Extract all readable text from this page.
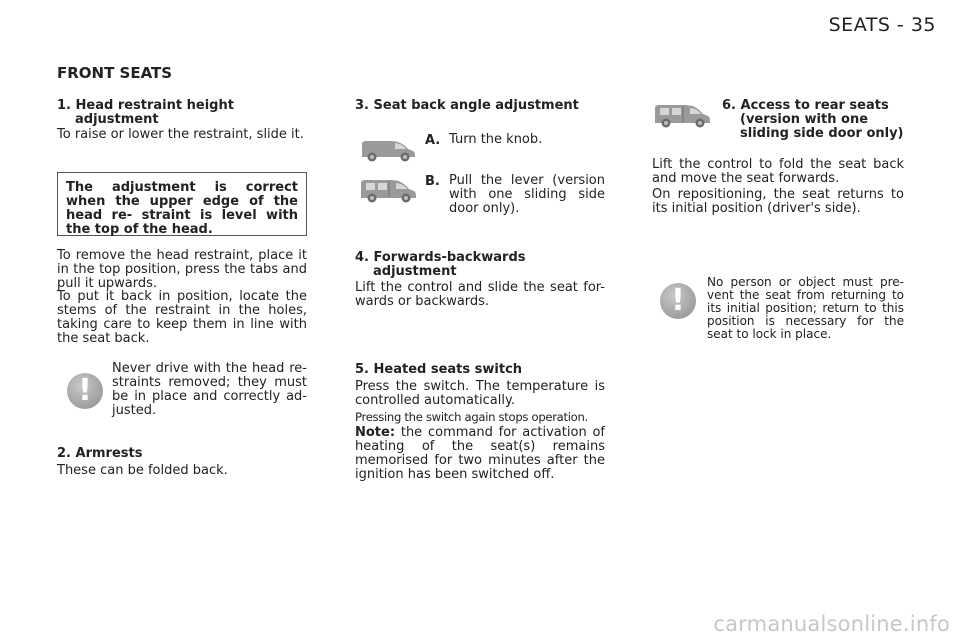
SEATS - 35
FRONT SEATS
1. Head restraint height
adjustment
To raise or lower the restraint, slide it.
The adjustment is correct when the upper edge of the head re- straint is level with the top of the head.
To remove the head restraint, place it in the top position, press the tabs and pull it upwards.
To put it back in position, locate the stems of the restraint in the holes, taking care to keep them in line with the seat back.
!
Never drive with the head re- straints removed; they must be in place and correctly ad- justed.
2. Armrests
These can be folded back.
3. Seat back angle adjustment
A. Turn the knob.
B. Pull the lever (version
with one sliding side
door only).
4. Forwards-backwards
adjustment
Lift the control and slide the seat for- wards or backwards.
5. Heated seats switch
Press the switch. The temperature is controlled automatically.
Pressing the switch again stops operation.
Note: the command for activation of heating of the seat(s) remains memorised for two minutes after the ignition has been switched off.
6. Access to rear seats
(version with one
sliding side door only)
Lift the control to fold the seat back and move the seat forwards.
On repositioning, the seat returns to its initial position (driver's side).
!
No person or object must pre- vent the seat from returning to its initial position; return to this position is necessary for the seat to lock in place.
carmanualsonline.info
